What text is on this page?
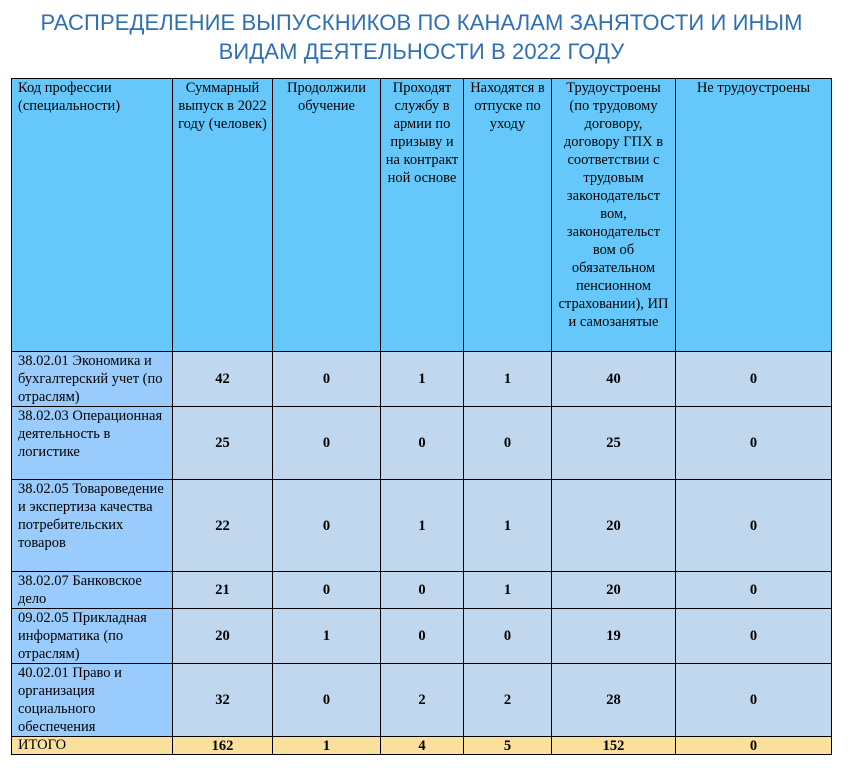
РАСПРЕДЕЛЕНИЕ ВЫПУСКНИКОВ ПО КАНАЛАМ ЗАНЯТОСТИ И ИНЫМ
ВИДАМ ДЕЯТЕЛЬНОСТИ В 2022 ГОДУ
Код профессии (специальности)	Суммарный выпуск в 2022 году (человек)	Продолжили обучение	Проходят службу в армии по призыву и на контракт ной основе	Находятся в отпуске по уходу	Трудоустроены (по трудовому договору, договору ГПХ в соответствии с трудовым законодательст вом, законодательст вом об обязательном пенсионном страховании), ИП и самозанятые	Не трудоустроены
38.02.01 Экономика и бухгалтерский учет (по отраслям)	42	0	1	1	40	0
38.02.03 Операционная деятельность в логистике	25	0	0	0	25	0
38.02.05 Товароведение и экспертиза качества потребительских товаров	22	0	1	1	20	0
38.02.07 Банковское дело	21	0	0	1	20	0
09.02.05 Прикладная информатика (по отраслям)	20	1	0	0	19	0
40.02.01 Право и организация социального обеспечения	32	0	2	2	28	0
ИТОГО	162	1	4	5	152	0
